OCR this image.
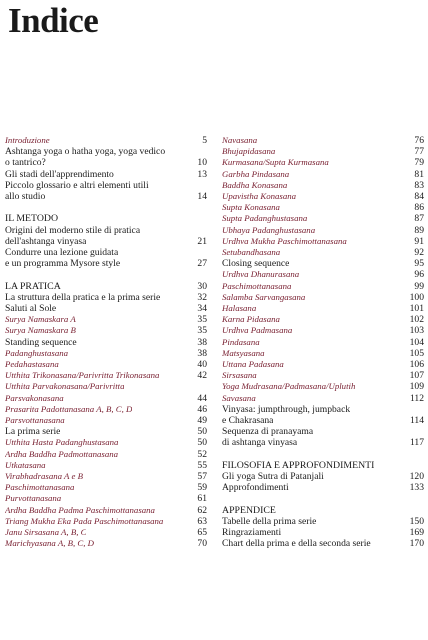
Indice
Introduzione	5
Ashtanga yoga o hatha yoga, yoga vedico
o tantrico?	10
Gli stadi dell'apprendimento	13
Piccolo glossario e altri elementi utili
allo studio	14
IL METODO
Origini del moderno stile di pratica
dell'ashtanga vinyasa	21
Condurre una lezione guidata
e un programma Mysore style	27
LA PRATICA	30
La struttura della pratica e la prima serie	32
Saluti al Sole	34
Surya Namaskara A	35
Surya Namaskara B	35
Standing sequence	38
Padanghustasana	38
Pedahastasana	40
Utthita Trikonasana/Parivritta Trikonasana	42
Utthita Parvakonasana/Parivritta
Parsvakonasana	44
Prasarita Padottanasana A, B, C, D	46
Parsvottanasana	49
La prima serie	50
Utthita Hasta Padanghustasana	50
Ardha Baddha Padmottanasana	52
Utkatasana	55
Virabhadrasana A e B	57
Paschimottanasana	59
Purvottanasana	61
Ardha Baddha Padma Paschimottanasana	62
Triang Mukha Eka Pada Paschimottanasana	63
Janu Sirsasana A, B, C	65
Marichyasana A, B, C, D	70
Navasana	76
Bhujapidasana	77
Kurmasana/Supta Kurmasana	79
Garbha Pindasana	81
Baddha Konasana	83
Upavistha Konasana	84
Supta Konasana	86
Supta Padanghustasana	87
Ubhaya Padanghustasana	89
Urdhva Mukha Paschimottanasana	91
Setubandhasana	92
Closing sequence	95
Urdhva Dhanurasana	96
Paschimottanasana	99
Salamba Sarvangasana	100
Halasana	101
Karna Pidasana	102
Urdhva Padmasana	103
Pindasana	104
Matsyasana	105
Uttana Padasana	106
Sirsasana	107
Yoga Mudrasana/Padmasana/Uplutih	109
Savasana	112
Vinyasa: jumpthrough, jumpback
e Chakrasana	114
Sequenza di pranayama
di ashtanga vinyasa	117
FILOSOFIA E APPROFONDIMENTI
Gli yoga Sutra di Patanjali	120
Approfondimenti	133
APPENDICE
Tabelle della prima serie	150
Ringraziamenti	169
Chart della prima e della seconda serie	170
